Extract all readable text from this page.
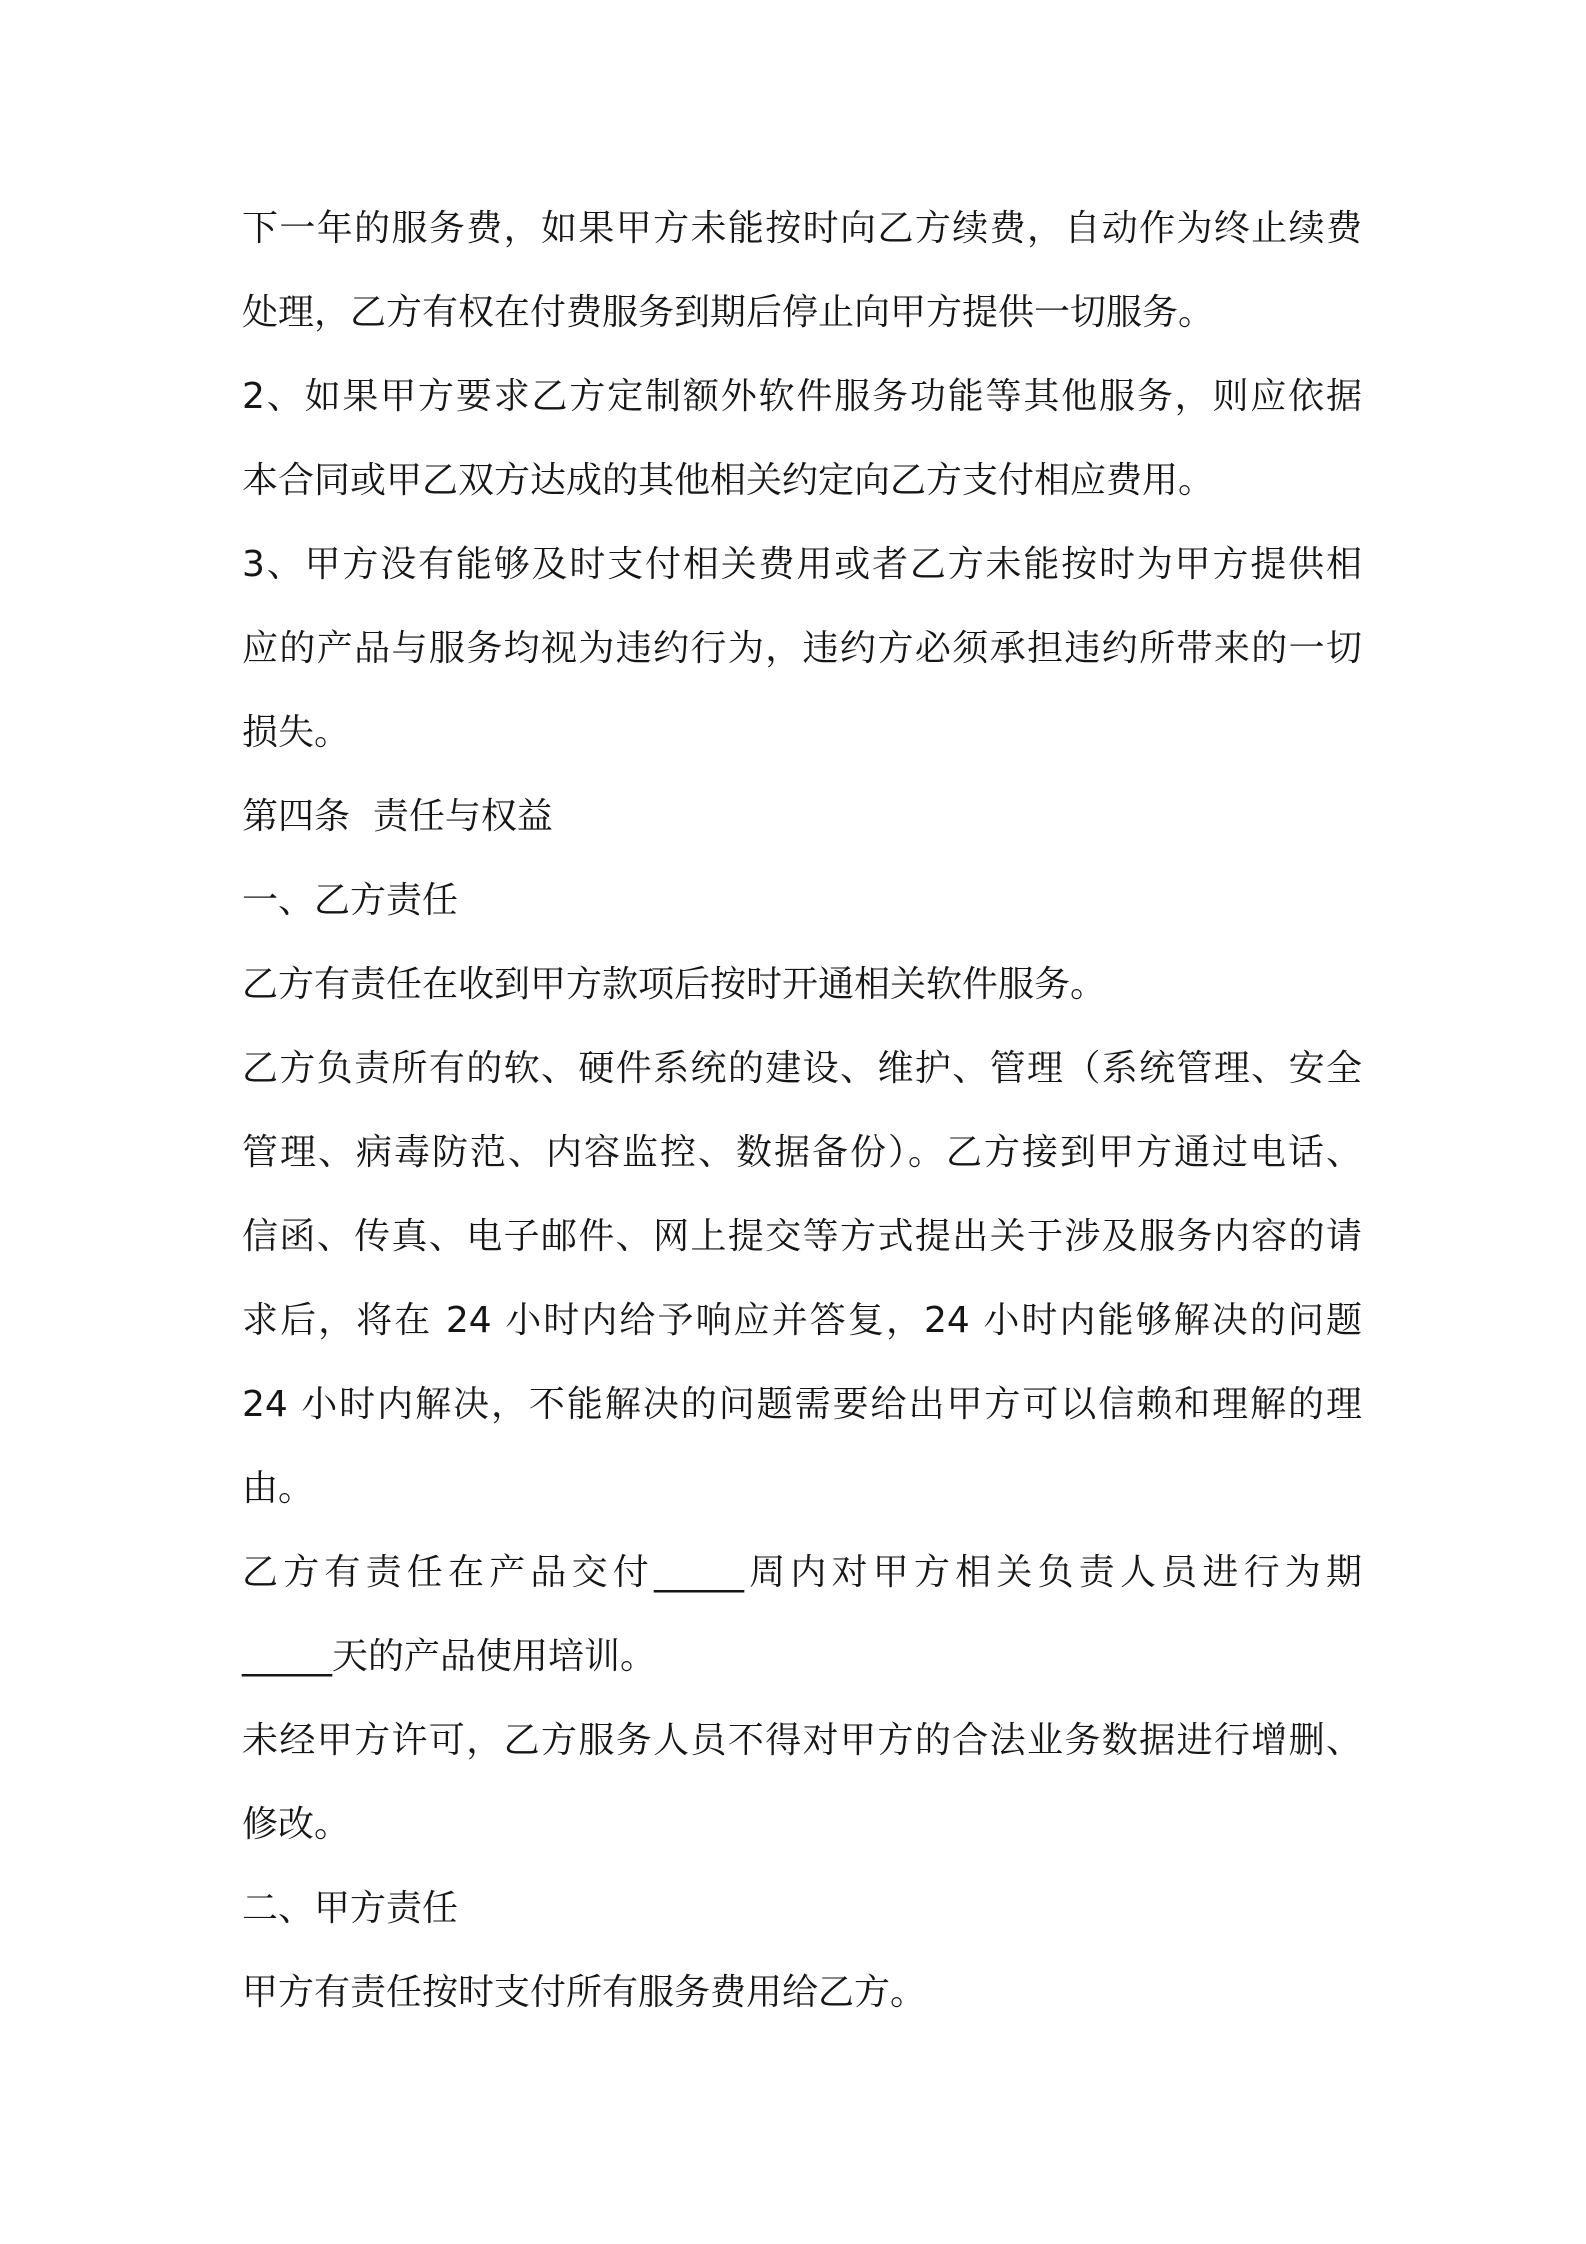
下一年的服务费，如果甲方未能按时向乙方续费，自动作为终止续费
处理，乙方有权在付费服务到期后停止向甲方提供一切服务。
2、如果甲方要求乙方定制额外软件服务功能等其他服务，则应依据
本合同或甲乙双方达成的其他相关约定向乙方支付相应费用。
3、甲方没有能够及时支付相关费用或者乙方未能按时为甲方提供相
应的产品与服务均视为违约行为，违约方必须承担违约所带来的一切
损失。
第四条  责任与权益
一、乙方责任
乙方有责任在收到甲方款项后按时开通相关软件服务。
乙方负责所有的软、硬件系统的建设、维护、管理（系统管理、安全
管理、病毒防范、内容监控、数据备份）。乙方接到甲方通过电话、
信函、传真、电子邮件、网上提交等方式提出关于涉及服务内容的请
求后，将在 24 小时内给予响应并答复，24 小时内能够解决的问题
24 小时内解决，不能解决的问题需要给出甲方可以信赖和理解的理
由。
乙方有责任在产品交付_____周内对甲方相关负责人员进行为期
_____天的产品使用培训。
未经甲方许可，乙方服务人员不得对甲方的合法业务数据进行增删、
修改。
二、甲方责任
甲方有责任按时支付所有服务费用给乙方。
